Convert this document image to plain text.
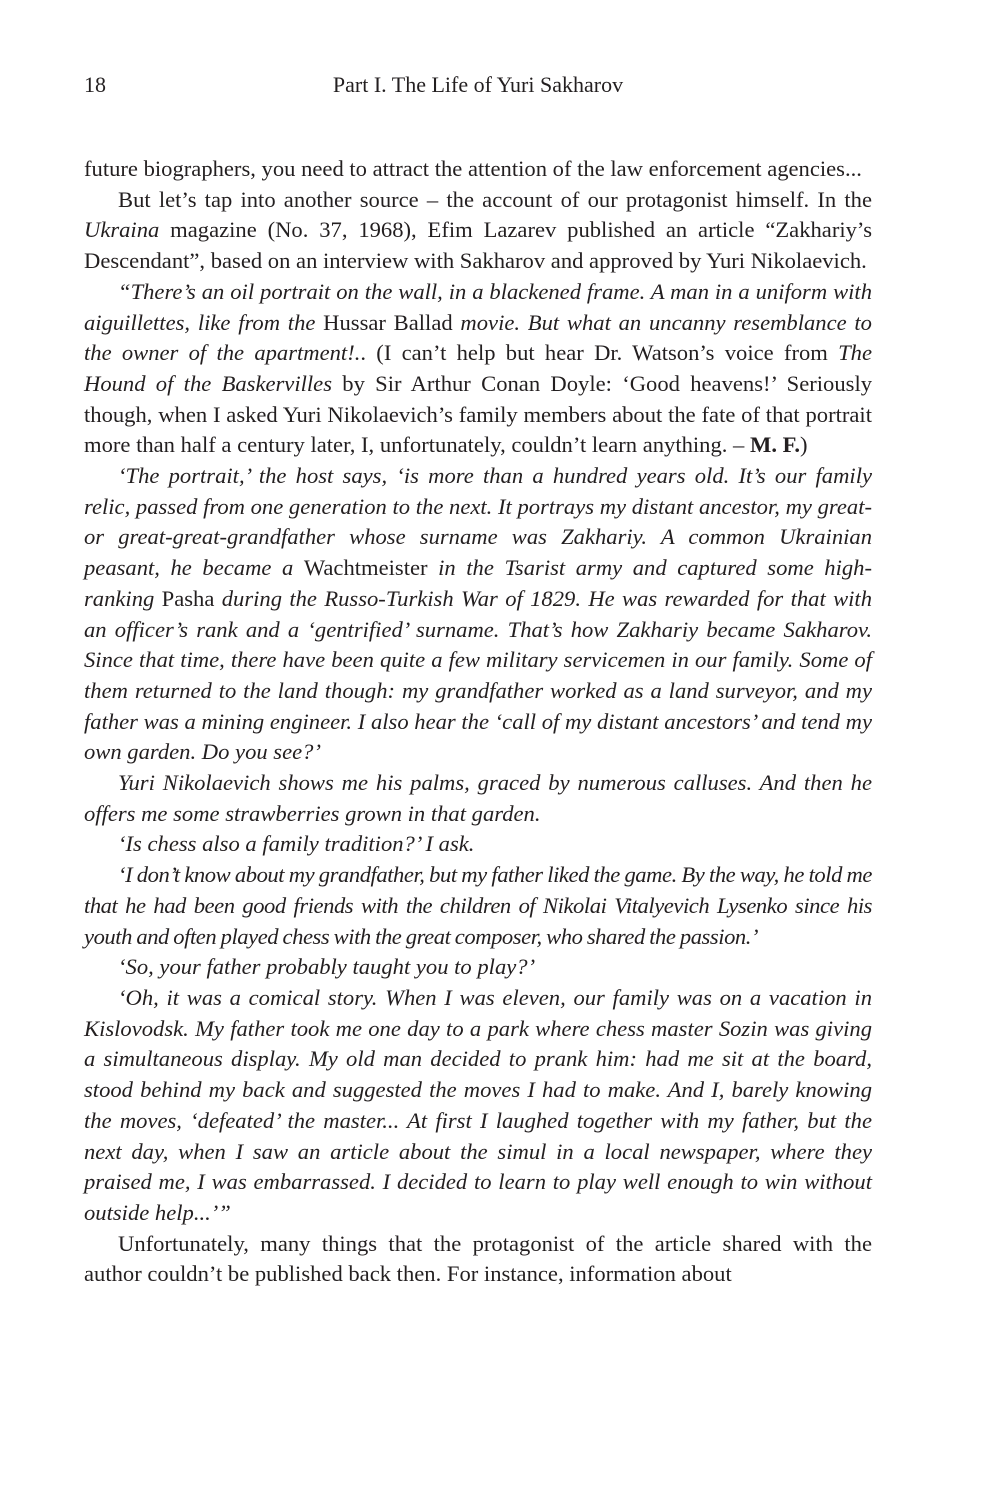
18	Part I. The Life of Yuri Sakharov

future biographers, you need to attract the attention of the law enforcement agencies...

But let’s tap into another source – the account of our protagonist himself. In the Ukraina magazine (No. 37, 1968), Efim Lazarev published an article “Zakhariy’s Descendant”, based on an interview with Sakharov and approved by Yuri Nikolaevich.

“There’s an oil portrait on the wall, in a blackened frame. A man in a uniform with aiguillettes, like from the Hussar Ballad movie. But what an uncanny resemblance to the owner of the apartment!.. (I can’t help but hear Dr. Watson’s voice from The Hound of the Baskervilles by Sir Arthur Conan Doyle: ‘Good heavens!’ Seriously though, when I asked Yuri Nikolaevich’s family members about the fate of that portrait more than half a century later, I, unfortunately, couldn’t learn anything. – M. F.)

‘The portrait,’ the host says, ‘is more than a hundred years old. It’s our family relic, passed from one generation to the next. It portrays my distant ancestor, my great- or great-great-grandfather whose surname was Zakhariy. A common Ukrainian peasant, he became a Wachtmeister in the Tsarist army and captured some high-ranking Pasha during the Russo-Turkish War of 1829. He was rewarded for that with an officer’s rank and a ‘gentrified’ surname. That’s how Zakhariy became Sakharov. Since that time, there have been quite a few military servicemen in our family. Some of them returned to the land though: my grandfather worked as a land surveyor, and my father was a mining engineer. I also hear the ‘call of my distant ancestors’ and tend my own garden. Do you see?’

Yuri Nikolaevich shows me his palms, graced by numerous calluses. And then he offers me some strawberries grown in that garden.

‘Is chess also a family tradition?’ I ask.

‘I don’t know about my grandfather, but my father liked the game. By the way, he told me that he had been good friends with the children of Nikolai Vitalyevich Lysenko since his youth and often played chess with the great composer, who shared the passion.’

‘So, your father probably taught you to play?’

‘Oh, it was a comical story. When I was eleven, our family was on a vacation in Kislovodsk. My father took me one day to a park where chess master Sozin was giving a simultaneous display. My old man decided to prank him: had me sit at the board, stood behind my back and suggested the moves I had to make. And I, barely knowing the moves, ‘defeated’ the master... At first I laughed together with my father, but the next day, when I saw an article about the simul in a local newspaper, where they praised me, I was embarrassed. I decided to learn to play well enough to win without outside help...’”

Unfortunately, many things that the protagonist of the article shared with the author couldn’t be published back then. For instance, information about
